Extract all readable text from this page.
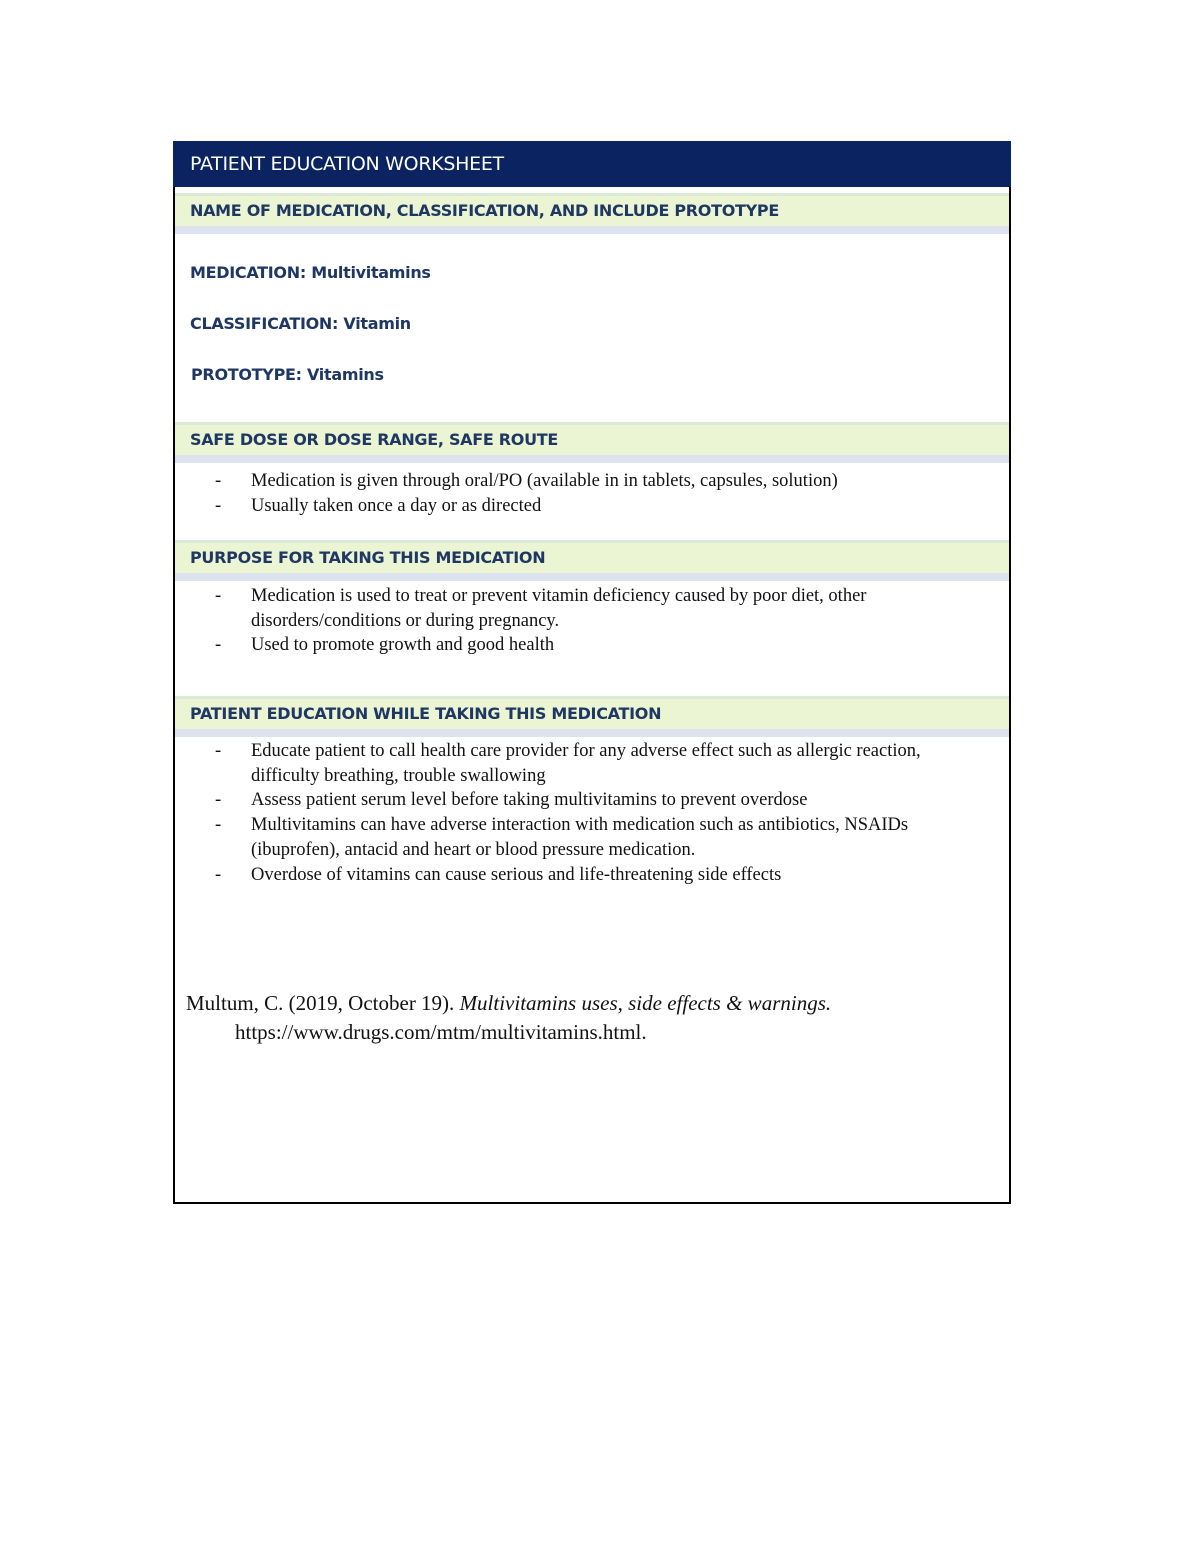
PATIENT EDUCATION WORKSHEET
NAME OF MEDICATION, CLASSIFICATION, AND INCLUDE PROTOTYPE
MEDICATION: Multivitamins
CLASSIFICATION: Vitamin
PROTOTYPE: Vitamins
SAFE DOSE OR DOSE RANGE, SAFE ROUTE
- Medication is given through oral/PO (available in in tablets, capsules, solution)
- Usually taken once a day or as directed
PURPOSE FOR TAKING THIS MEDICATION
- Medication is used to treat or prevent vitamin deficiency caused by poor diet, other disorders/conditions or during pregnancy.
- Used to promote growth and good health
PATIENT EDUCATION WHILE TAKING THIS MEDICATION
- Educate patient to call health care provider for any adverse effect such as allergic reaction, difficulty breathing, trouble swallowing
- Assess patient serum level before taking multivitamins to prevent overdose
- Multivitamins can have adverse interaction with medication such as antibiotics, NSAIDs (ibuprofen), antacid and heart or blood pressure medication.
- Overdose of vitamins can cause serious and life-threatening side effects
Multum, C. (2019, October 19). Multivitamins uses, side effects & warnings.
https://www.drugs.com/mtm/multivitamins.html.
